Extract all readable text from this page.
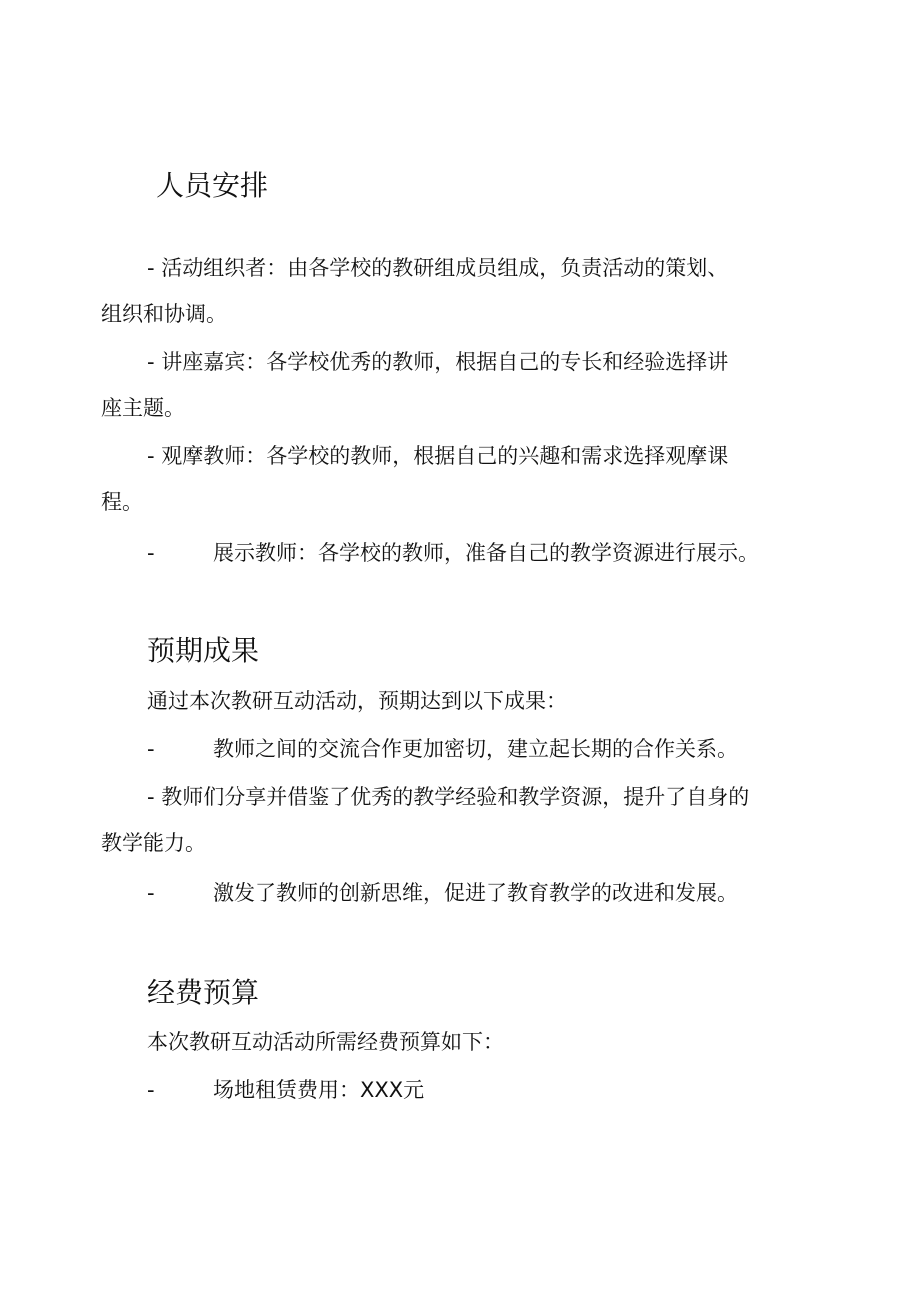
人员安排
- 活动组织者：由各学校的教研组成员组成，负责活动的策划、
组织和协调。
- 讲座嘉宾：各学校优秀的教师，根据自己的专长和经验选择讲
座主题。
- 观摩教师：各学校的教师，根据自己的兴趣和需求选择观摩课
程。
-	展示教师：各学校的教师，准备自己的教学资源进行展示。
预期成果
通过本次教研互动活动，预期达到以下成果：
-	教师之间的交流合作更加密切，建立起长期的合作关系。
- 教师们分享并借鉴了优秀的教学经验和教学资源，提升了自身的
教学能力。
-	激发了教师的创新思维，促进了教育教学的改进和发展。
经费预算
本次教研互动活动所需经费预算如下：
-	场地租赁费用：XXX元
